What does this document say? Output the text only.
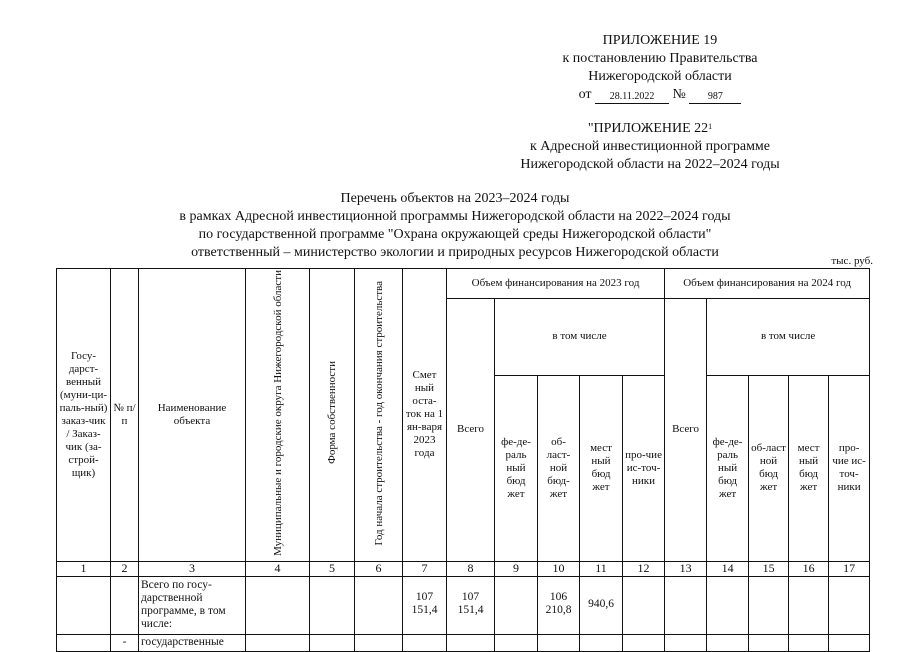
ПРИЛОЖЕНИЕ 19
к постановлению Правительства
Нижегородской области
от 28.11.2022 № 987
"ПРИЛОЖЕНИЕ $22^1$
к Адресной инвестиционной программе
Нижегородской области на 2022–2024 годы
Перечень объектов на 2023–2024 годы
в рамках Адресной инвестиционной программы Нижегородской области на 2022–2024 годы
по государственной программе "Охрана окружающей среды Нижегородской области"
ответственный – министерство экологии и природных ресурсов Нижегородской области
тыс. руб.
Госу-дарст-венный (муни-ци-паль-ный) заказ-чик / Заказ-чик (за-строй-щик)	№ п/п	Наименование объекта	Муниципальные и городские округа Нижегородской области	Форма собственности	Год начала строительства - год окончания строительства	Смет ный оста-ток на 1 ян-варя 2023 года	Объем финансирования на 2023 год					Объем финансирования на 2024 год				
							Всего	в том числе				Всего	в том числе			
								фе-де-раль ный бюд жет	об-ласт-ной бюд-жет	мест ный бюд жет	про-чие ис-точ-ники		фе-де-раль ный бюд жет	об-ласт ной бюд жет	мест ный бюд жет	про-чие ис-точ-ники
1	2	3	4	5	6	7	8	9	10	11	12	13	14	15	16	17
		Всего по госу-дарственной программе, в том числе:				107 151,4	107 151,4		106 210,8	940,6						
	-	государственные														
